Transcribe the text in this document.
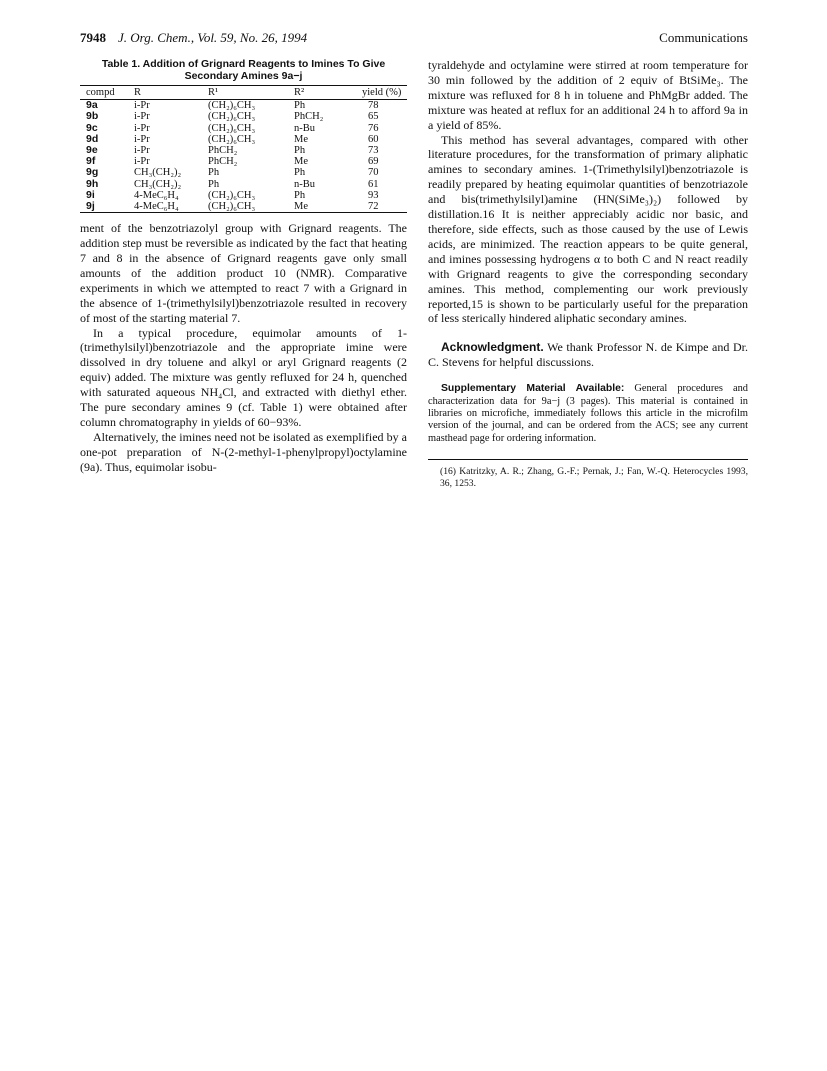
7948 J. Org. Chem., Vol. 59, No. 26, 1994	Communications
Table 1. Addition of Grignard Reagents to Imines To Give Secondary Amines 9a−j
compd	R	R¹	R²	yield (%)
9a	i-Pr	(CH₂)₆CH₃	Ph	78
9b	i-Pr	(CH₂)₆CH₃	PhCH₂	65
9c	i-Pr	(CH₂)₆CH₃	n-Bu	76
9d	i-Pr	(CH₂)₆CH₃	Me	60
9e	i-Pr	PhCH₂	Ph	73
9f	i-Pr	PhCH₂	Me	69
9g	CH₃(CH₂)₂	Ph	Ph	70
9h	CH₃(CH₂)₂	Ph	n-Bu	61
9i	4-MeC₆H₄	(CH₂)₆CH₃	Ph	93
9j	4-MeC₆H₄	(CH₂)₆CH₃	Me	72

ment of the benzotriazolyl group with Grignard reagents. The addition step must be reversible as indicated by the fact that heating 7 and 8 in the absence of Grignard reagents gave only small amounts of the addition product 10 (NMR). Comparative experiments in which we attempted to react 7 with a Grignard in the absence of 1-(trimethylsilyl)benzotriazole resulted in recovery of most of the starting material 7.

In a typical procedure, equimolar amounts of 1-(trimethylsilyl)benzotriazole and the appropriate imine were dissolved in dry toluene and alkyl or aryl Grignard reagents (2 equiv) added. The mixture was gently refluxed for 24 h, quenched with saturated aqueous NH₄Cl, and extracted with diethyl ether. The pure secondary amines 9 (cf. Table 1) were obtained after column chromatography in yields of 60−93%.

Alternatively, the imines need not be isolated as exemplified by a one-pot preparation of N-(2-methyl-1-phenylpropyl)octylamine (9a). Thus, equimolar isobu-

tyraldehyde and octylamine were stirred at room temperature for 30 min followed by the addition of 2 equiv of BtSiMe₃. The mixture was refluxed for 8 h in toluene and PhMgBr added. The mixture was heated at reflux for an additional 24 h to afford 9a in a yield of 85%.

This method has several advantages, compared with other literature procedures, for the transformation of primary aliphatic amines to secondary amines. 1-(Trimethylsilyl)benzotriazole is readily prepared by heating equimolar quantities of benzotriazole and bis(trimethylsilyl)amine (HN(SiMe₃)₂) followed by distillation.16 It is neither appreciably acidic nor basic, and therefore, side effects, such as those caused by the use of Lewis acids, are minimized. The reaction appears to be quite general, and imines possessing hydrogens α to both C and N react readily with Grignard reagents to give the corresponding secondary amines. This method, complementing our work previously reported,15 is shown to be particularly useful for the preparation of less sterically hindered aliphatic secondary amines.

Acknowledgment. We thank Professor N. de Kimpe and Dr. C. Stevens for helpful discussions.
Supplementary Material Available: General procedures and characterization data for 9a−j (3 pages). This material is contained in libraries on microfiche, immediately follows this article in the microfilm version of the journal, and can be ordered from the ACS; see any current masthead page for ordering information.
(16) Katritzky, A. R.; Zhang, G.-F.; Pernak, J.; Fan, W.-Q. Heterocycles 1993, 36, 1253.
